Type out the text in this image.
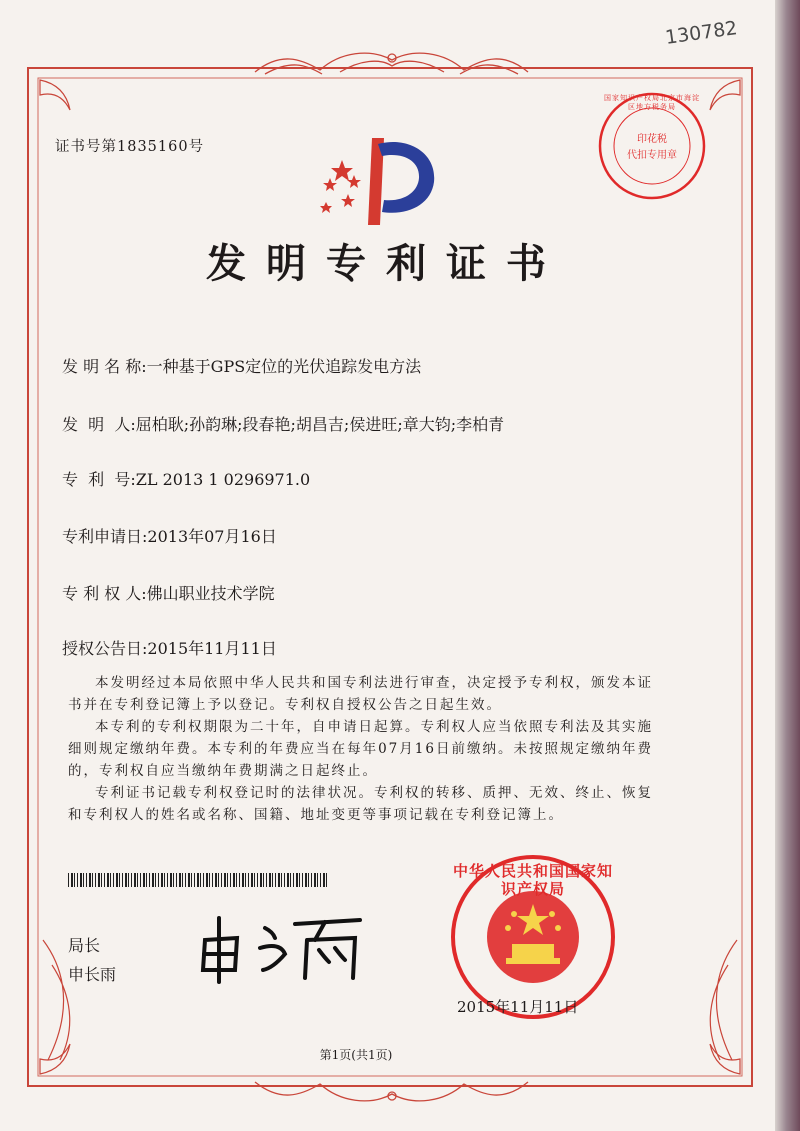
130782
证书号第1835160号
国家知识产权局北京市海淀区地方税务局
印花税
代扣专用章
发明专利证书
发 明 名 称:一种基于GPS定位的光伏追踪发电方法
发  明  人:屈柏耿;孙韵琳;段春艳;胡昌吉;侯进旺;章大钧;李柏青
专  利  号:ZL 2013 1 0296971.0
专利申请日:2013年07月16日
专 利 权 人:佛山职业技术学院
授权公告日:2015年11月11日

本发明经过本局依照中华人民共和国专利法进行审查，决定授予专利权，颁发本证书并在专利登记簿上予以登记。专利权自授权公告之日起生效。

本专利的专利权期限为二十年，自申请日起算。专利权人应当依照专利法及其实施细则规定缴纳年费。本专利的年费应当在每年07月16日前缴纳。未按照规定缴纳年费的，专利权自应当缴纳年费期满之日起终止。

专利证书记载专利权登记时的法律状况。专利权的转移、质押、无效、终止、恢复和专利权人的姓名或名称、国籍、地址变更等事项记载在专利登记簿上。

局长
申长雨
中华人民共和国国家知识产权局
2015年11月11日
第1页(共1页)
